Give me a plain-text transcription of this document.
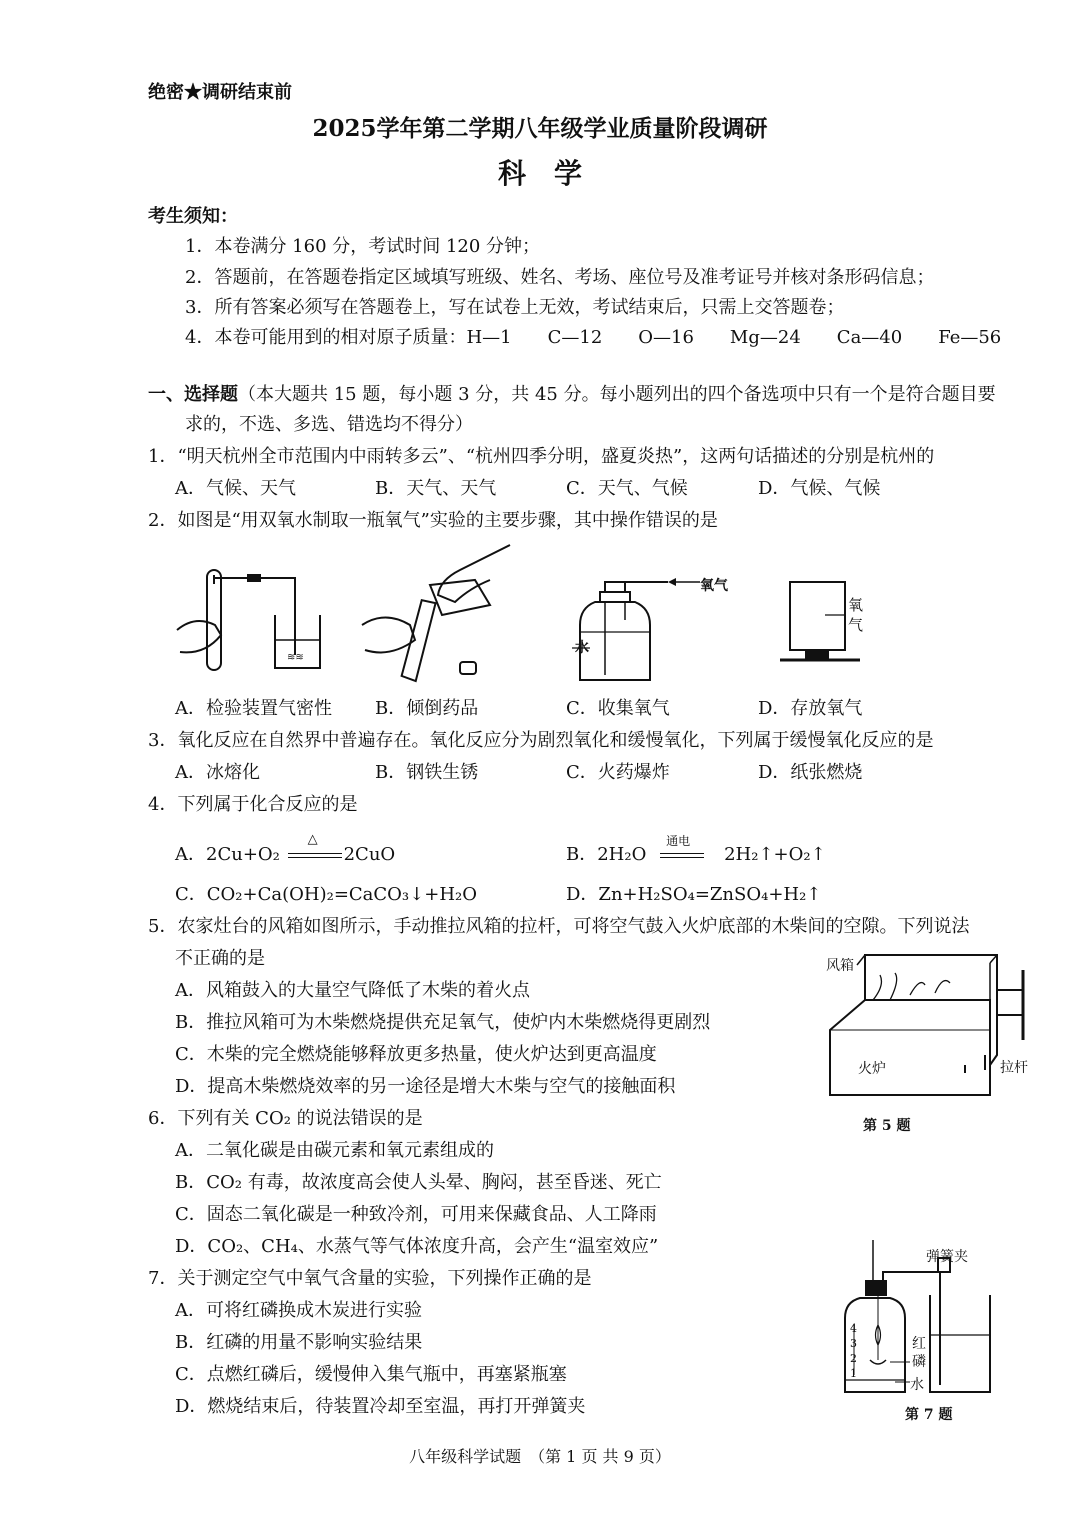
绝密★调研结束前
2025学年第二学期八年级学业质量阶段调研
科　学
考生须知：
1．本卷满分 160 分，考试时间 120 分钟；
2．答题前，在答题卷指定区域填写班级、姓名、考场、座位号及准考证号并核对条形码信息；
3．所有答案必须写在答题卷上，写在试卷上无效，考试结束后，只需上交答题卷；
4．本卷可能用到的相对原子质量：H—1　　C—12　　O—16　　Mg—24　　Ca—40　　Fe—56
一、选择题（本大题共 15 题，每小题 3 分，共 45 分。每小题列出的四个备选项中只有一个是符合题目要
求的，不选、多选、错选均不得分）
1．“明天杭州全市范围内中雨转多云”、“杭州四季分明，盛夏炎热”，这两句话描述的分别是杭州的
A．气候、天气	B．天气、天气	C．天气、气候	D．气候、气候
2．如图是“用双氧水制取一瓶氧气”实验的主要步骤，其中操作错误的是
≋≋
氧气
水
氧气
A．检验装置气密性 B．倾倒药品	C．收集氧气	D．存放氧气
3．氧化反应在自然界中普遍存在。氧化反应分为剧烈氧化和缓慢氧化，下列属于缓慢氧化反应的是
A．冰熔化	B．钢铁生锈	C．火药爆炸	D．纸张燃烧
4．下列属于化合反应的是
A．2Cu+O₂
△
2CuO	B．2H₂O
通电
2H₂↑+O₂↑
C．CO₂+Ca(OH)₂=CaCO₃↓+H₂O	D．Zn+H₂SO₄=ZnSO₄+H₂↑
5．农家灶台的风箱如图所示，手动推拉风箱的拉杆，可将空气鼓入火炉底部的木柴间的空隙。下列说法
不正确的是
A．风箱鼓入的大量空气降低了木柴的着火点
B．推拉风箱可为木柴燃烧提供充足氧气，使炉内木柴燃烧得更剧烈
C．木柴的完全燃烧能够释放更多热量，使火炉达到更高温度
D．提高木柴燃烧效率的另一途径是增大木柴与空气的接触面积
风箱
火炉	拉杆
第 5 题
6．下列有关 CO₂ 的说法错误的是
A．二氧化碳是由碳元素和氧元素组成的
B．CO₂ 有毒，故浓度高会使人头晕、胸闷，甚至昏迷、死亡
C．固态二氧化碳是一种致冷剂，可用来保藏食品、人工降雨
D．CO₂、CH₄、水蒸气等气体浓度升高，会产生“温室效应”
7．关于测定空气中氧气含量的实验，下列操作正确的是
A．可将红磷换成木炭进行实验
B．红磷的用量不影响实验结果
C．点燃红磷后，缓慢伸入集气瓶中，再塞紧瓶塞
D．燃烧结束后，待装置冷却至室温，再打开弹簧夹
弹簧夹
4
3
2
1
红磷
水
第 7 题
八年级科学试题　（第 1 页 共 9 页）
